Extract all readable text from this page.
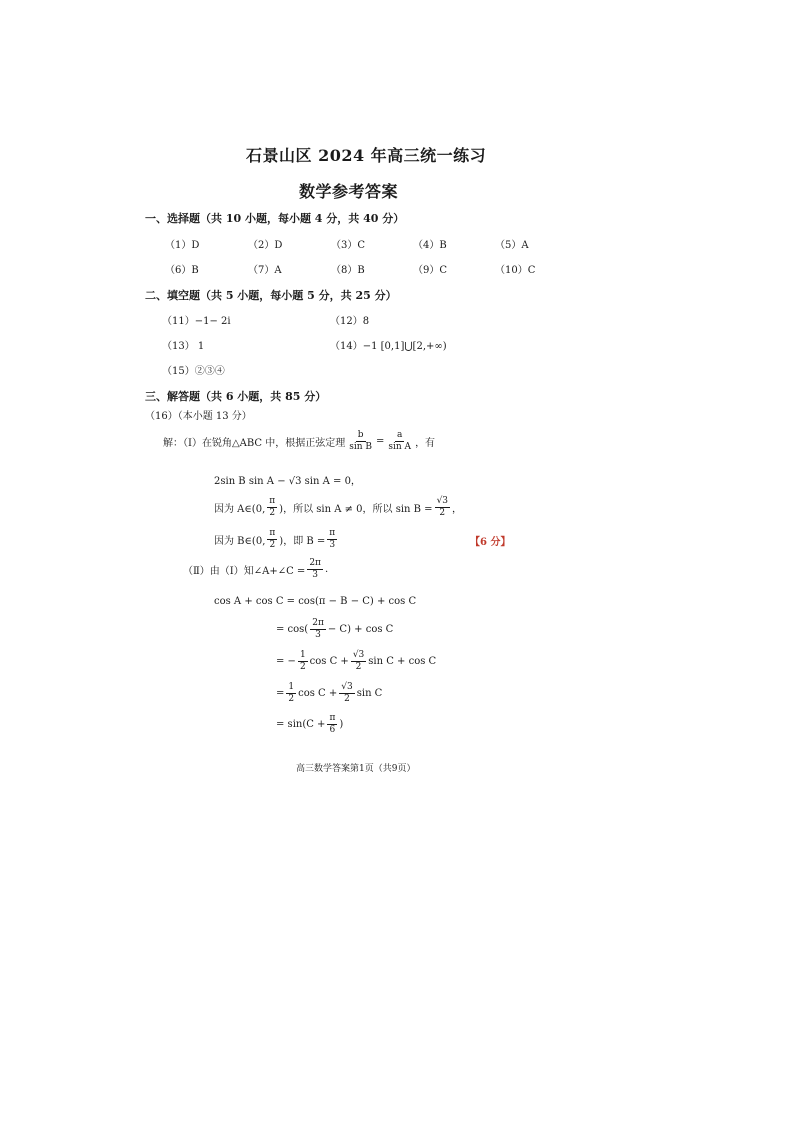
石景山区 2024 年高三统一练习
数学参考答案
一、选择题（共 10 小题，每小题 4 分，共 40 分）
（1）D	（2）D	（3）C	（4）B	（5）A
（6）B	（7）A	（8）B	（9）C	（10）C
二、填空题（共 5 小题，每小题 5 分，共 25 分）
（11）−1− 2i	（12）8
（13） 1	（14）−1 [0,1]⋃[2,+∞)
（15）②③④
三、解答题（共 6 小题，共 85 分）
（16）（本小题 13 分）
解：（Ⅰ）在锐角△ABC 中，根据正弦定理 $\frac{b}{\text{sin B}} = \frac{a}{\text{sin A}}$ ，有
2sin B sin A − √3 sin A = 0，
因为 A∈(0, $\frac{\pi}{2}$ )，所以 sin A ≠ 0，所以 $\sin B = \frac{√3}{2}$ ，
因为 B∈(0, $\frac{\pi}{2}$ )，即 $B = \frac{\pi}{3}$	【6 分】
（Ⅱ）由（Ⅰ）知∠A+∠C = $\frac{2\pi}{3}$ .
cos A + cos C = cos(π − B − C) + cos C
= $\cos( \frac{2\pi}{3} - C) + \cos C$
= − $\frac{1}{2}$ $\cos C + \frac{√3}{2}$ sin C + cos C
= $\frac{1}{2}$ $\cos C + \frac{√3}{2}$ sin C
= $\sin(C + \frac{\pi}{6}$ )
高三数学答案第1页（共9页）
